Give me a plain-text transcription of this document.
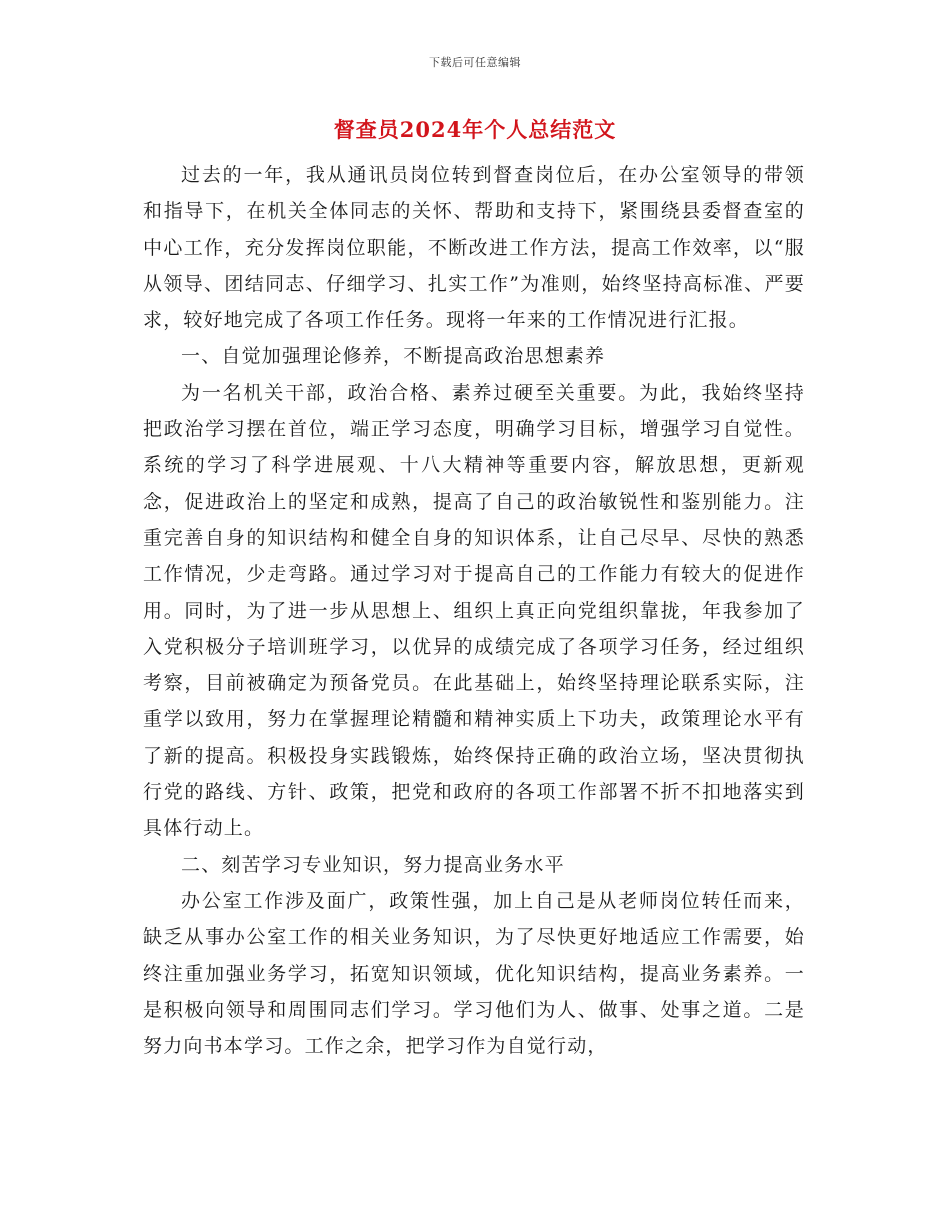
下载后可任意编辑
督查员2024年个人总结范文

过去的一年，我从通讯员岗位转到督查岗位后，在办公室领导的带领和指导下，在机关全体同志的关怀、帮助和支持下，紧围绕县委督查室的中心工作，充分发挥岗位职能，不断改进工作方法，提高工作效率，以“服从领导、团结同志、仔细学习、扎实工作”为准则，始终坚持高标准、严要求，较好地完成了各项工作任务。现将一年来的工作情况进行汇报。

一、自觉加强理论修养，不断提高政治思想素养

为一名机关干部，政治合格、素养过硬至关重要。为此，我始终坚持把政治学习摆在首位，端正学习态度，明确学习目标，增强学习自觉性。系统的学习了科学进展观、十八大精神等重要内容，解放思想，更新观念，促进政治上的坚定和成熟，提高了自己的政治敏锐性和鉴别能力。注重完善自身的知识结构和健全自身的知识体系，让自己尽早、尽快的熟悉工作情况，少走弯路。通过学习对于提高自己的工作能力有较大的促进作用。同时，为了进一步从思想上、组织上真正向党组织靠拢，年我参加了入党积极分子培训班学习，以优异的成绩完成了各项学习任务，经过组织考察，目前被确定为预备党员。在此基础上，始终坚持理论联系实际，注重学以致用，努力在掌握理论精髓和精神实质上下功夫，政策理论水平有了新的提高。积极投身实践锻炼，始终保持正确的政治立场，坚决贯彻执行党的路线、方针、政策，把党和政府的各项工作部署不折不扣地落实到具体行动上。

二、刻苦学习专业知识，努力提高业务水平

办公室工作涉及面广，政策性强，加上自己是从老师岗位转任而来，缺乏从事办公室工作的相关业务知识，为了尽快更好地适应工作需要，始终注重加强业务学习，拓宽知识领域，优化知识结构，提高业务素养。一是积极向领导和周围同志们学习。学习他们为人、做事、处事之道。二是努力向书本学习。工作之余，把学习作为自觉行动，
